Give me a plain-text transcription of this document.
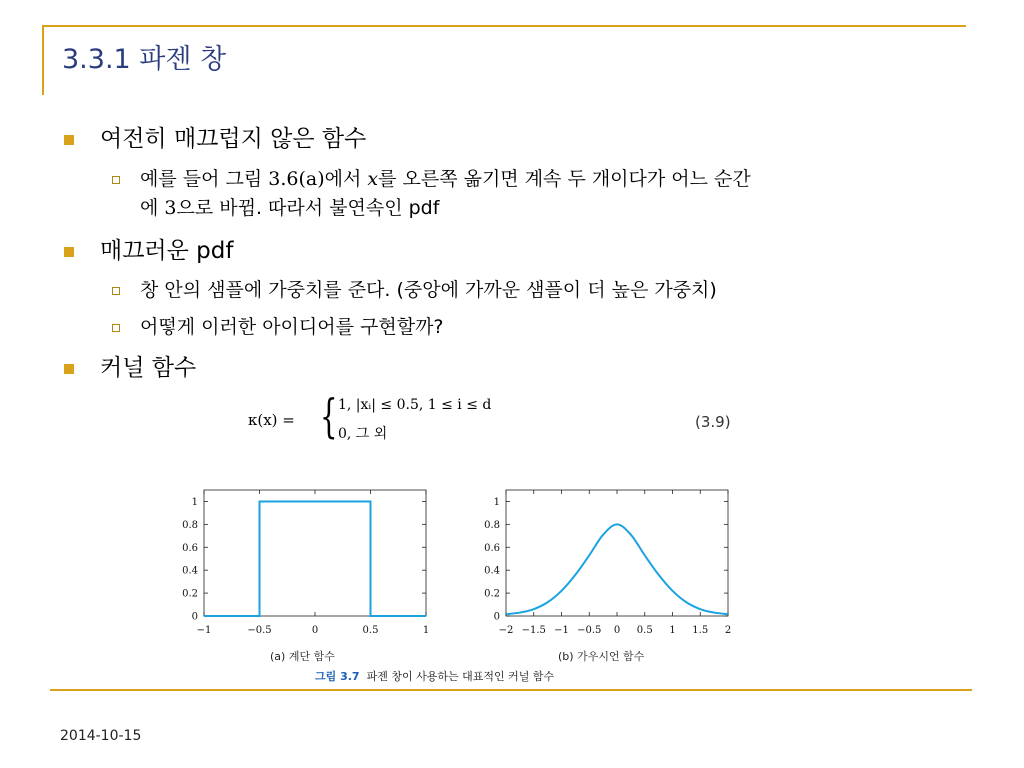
3.3.1 파젠 창
여전히 매끄럽지 않은 함수
예를 들어 그림 3.6(a)에서 x를 오른쪽 옮기면 계속 두 개이다가 어느 순간
에 3으로 바뀜. 따라서 불연속인 pdf
매끄러운 pdf
창 안의 샘플에 가중치를 준다. (중앙에 가까운 샘플이 더 높은 가중치)
어떻게 이러한 아이디어를 구현할까?
커널 함수
κ(x) = { 1, |xᵢ| ≤ 0.5, 1 ≤ i ≤ d
0, 그 외
(3.9)
−1	−0.5	0	0.5	1
0
0.2
0.4
0.6
0.8
1
(a) 계단 함수
−2 −1.5 −1 −0.5 0 0.5 1 1.5 2
0
0.2
0.4
0.6
0.8
1
(b) 가우시언 함수
그림 3.7 파젠 창이 사용하는 대표적인 커널 함수
2014-10-15
